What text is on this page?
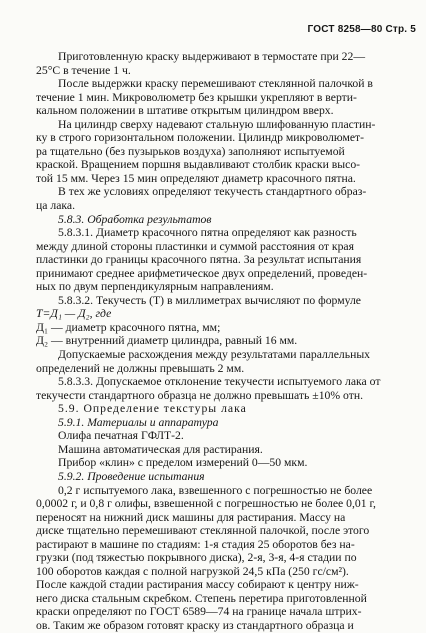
ГОСТ 8258—80 Стр. 5
Приготовленную краску выдерживают в термостате при 22—
25°С в течение 1 ч.
После выдержки краску перемешивают стеклянной палочкой в
течение 1 мин. Микроволюметр без крышки укрепляют в верти-
кальном положении в штативе открытым цилиндром вверх.
На цилиндр сверху надевают стальную шлифованную пластин-
ку в строго горизонтальном положении. Цилиндр микроволюмет-
ра тщательно (без пузырьков воздуха) заполняют испытуемой
краской. Вращением поршня выдавливают столбик краски высо-
той 15 мм. Через 15 мин определяют диаметр красочного пятна.
В тех же условиях определяют текучесть стандартного образ-
ца лака.
5.8.3. Обработка результатов
5.8.3.1. Диаметр красочного пятна определяют как разность
между длиной стороны пластинки и суммой расстояния от края
пластинки до границы красочного пятна. За результат испытания
принимают среднее арифметическое двух определений, проведен-
ных по двум перпендикулярным направлениям.
5.8.3.2. Текучесть (Т) в миллиметрах вычисляют по формуле
Т=Д₁ — Д₂, где
Д₁ — диаметр красочного пятна, мм;
Д₂ — внутренний диаметр цилиндра, равный 16 мм.
Допускаемые расхождения между результатами параллельных
определений не должны превышать 2 мм.
5.8.3.3. Допускаемое отклонение текучести испытуемого лака от
текучести стандартного образца не должно превышать ±10% отн.
5.9. Определение текстуры лака
5.9.1. Материалы и аппаратура
Олифа печатная ГФЛТ-2.
Машина автоматическая для растирания.
Прибор «клин» с пределом измерений 0—50 мкм.
5.9.2. Проведение испытания
0,2 г испытуемого лака, взвешенного с погрешностью не более
0,0002 г, и 0,8 г олифы, взвешенной с погрешностью не более 0,01 г,
переносят на нижний диск машины для растирания. Массу на
диске тщательно перемешивают стеклянной палочкой, после этого
растирают в машине по стадиям: 1-я стадия 25 оборотов без на-
грузки (под тяжестью покрывного диска), 2-я, 3-я, 4-я стадии по
100 оборотов каждая с полной нагрузкой 24,5 кПа (250 гс/см²).
После каждой стадии растирания массу собирают к центру ниж-
него диска стальным скребком. Степень перетира приготовленной
краски определяют по ГОСТ 6589—74 на границе начала штрих-
ов. Таким же образом готовят краску из стандартного образца и
